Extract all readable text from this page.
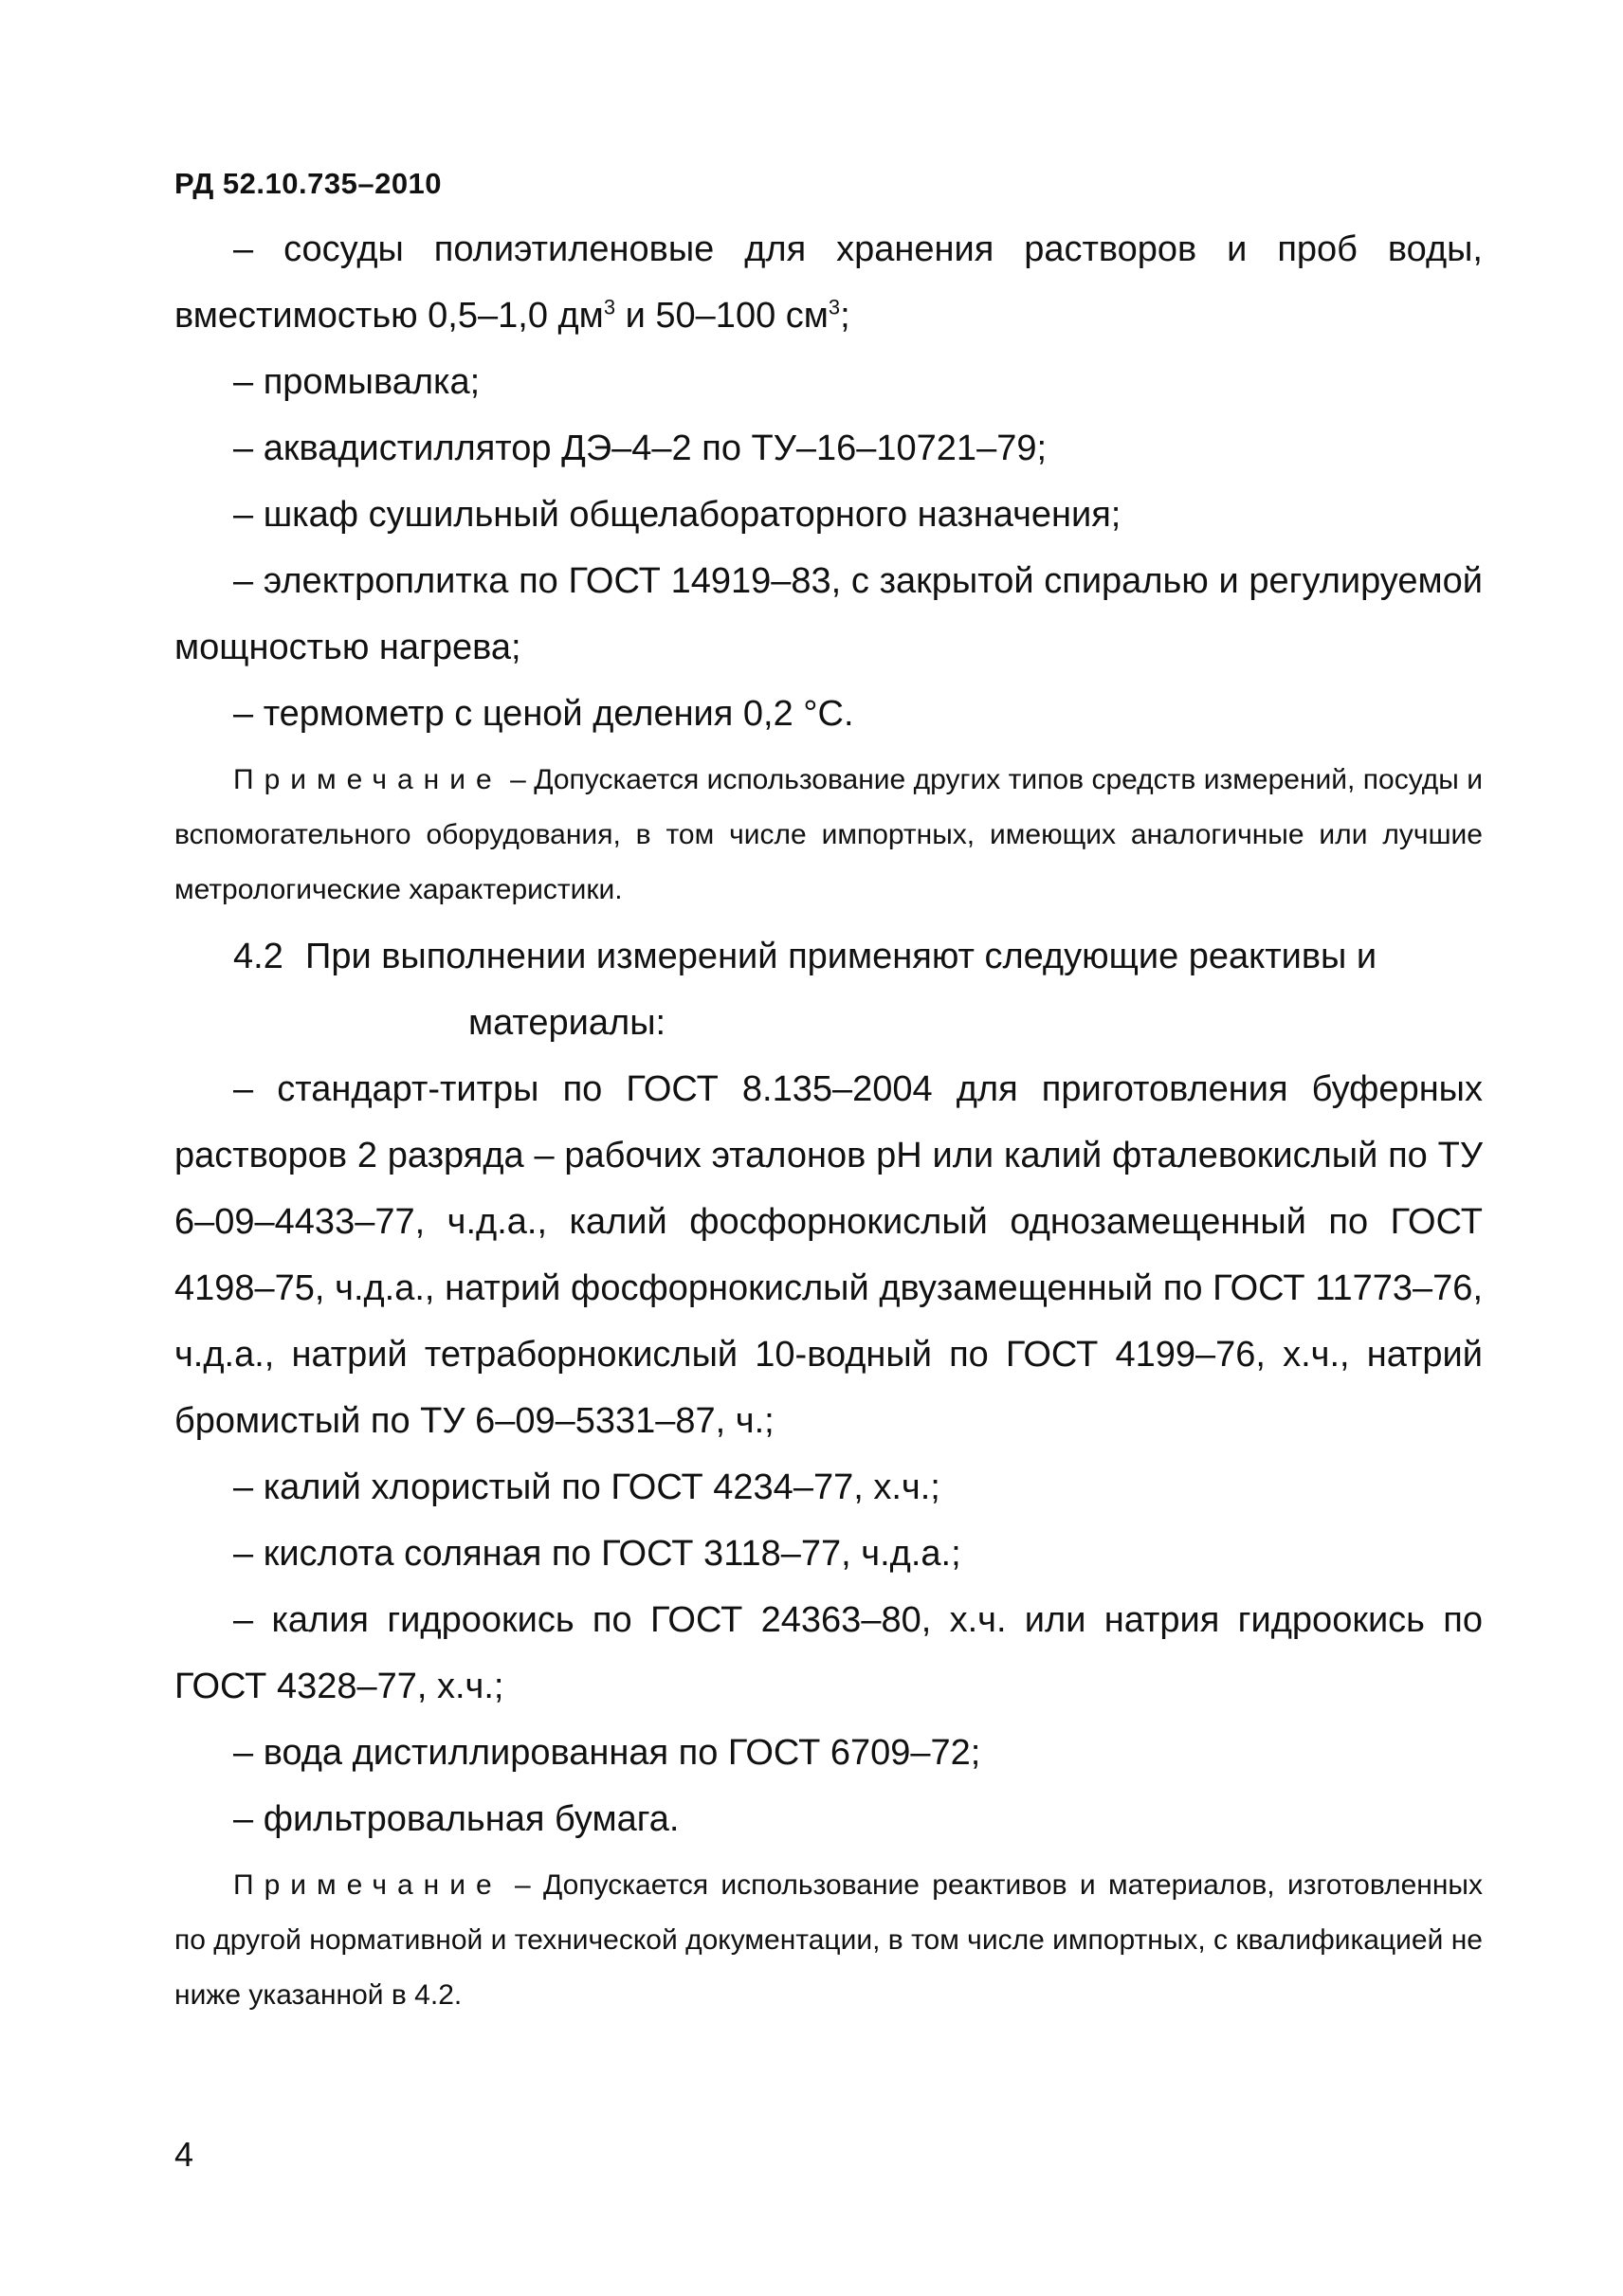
РД 52.10.735–2010

– сосуды полиэтиленовые для хранения растворов и проб воды, вместимостью 0,5–1,0 $дм^3$ и 50–100 $см^3$;

– промывалка;

– аквадистиллятор ДЭ–4–2 по ТУ–16–10721–79;

– шкаф сушильный общелабораторного назначения;

– электроплитка по ГОСТ 14919–83, с закрытой спиралью и регулируемой мощностью нагрева;

– термометр с ценой деления 0,2 °С.

Примечание – Допускается использование других типов средств измерений, посуды и вспомогательного оборудования, в том числе импортных, имеющих аналогичные или лучшие метрологические характеристики.

4.2 При выполнении измерений применяют следующие реактивы и материалы:

– стандарт-титры по ГОСТ 8.135–2004 для приготовления буферных растворов 2 разряда – рабочих эталонов рН или калий фталевокислый по ТУ 6–09–4433–77, ч.д.а., калий фосфорнокислый однозамещенный по ГОСТ 4198–75, ч.д.а., натрий фосфорнокислый двузамещенный по ГОСТ 11773–76, ч.д.а., натрий тетраборнокислый 10-водный по ГОСТ 4199–76, х.ч., натрий бромистый по ТУ 6–09–5331–87, ч.;

– калий хлористый по ГОСТ 4234–77, х.ч.;

– кислота соляная по ГОСТ 3118–77, ч.д.а.;

– калия гидроокись по ГОСТ 24363–80, х.ч. или натрия гидроокись по ГОСТ 4328–77, х.ч.;

– вода дистиллированная по ГОСТ 6709–72;

– фильтровальная бумага.

Примечание – Допускается использование реактивов и материалов, изготовленных по другой нормативной и технической документации, в том числе импортных, с квалификацией не ниже указанной в 4.2.

4
